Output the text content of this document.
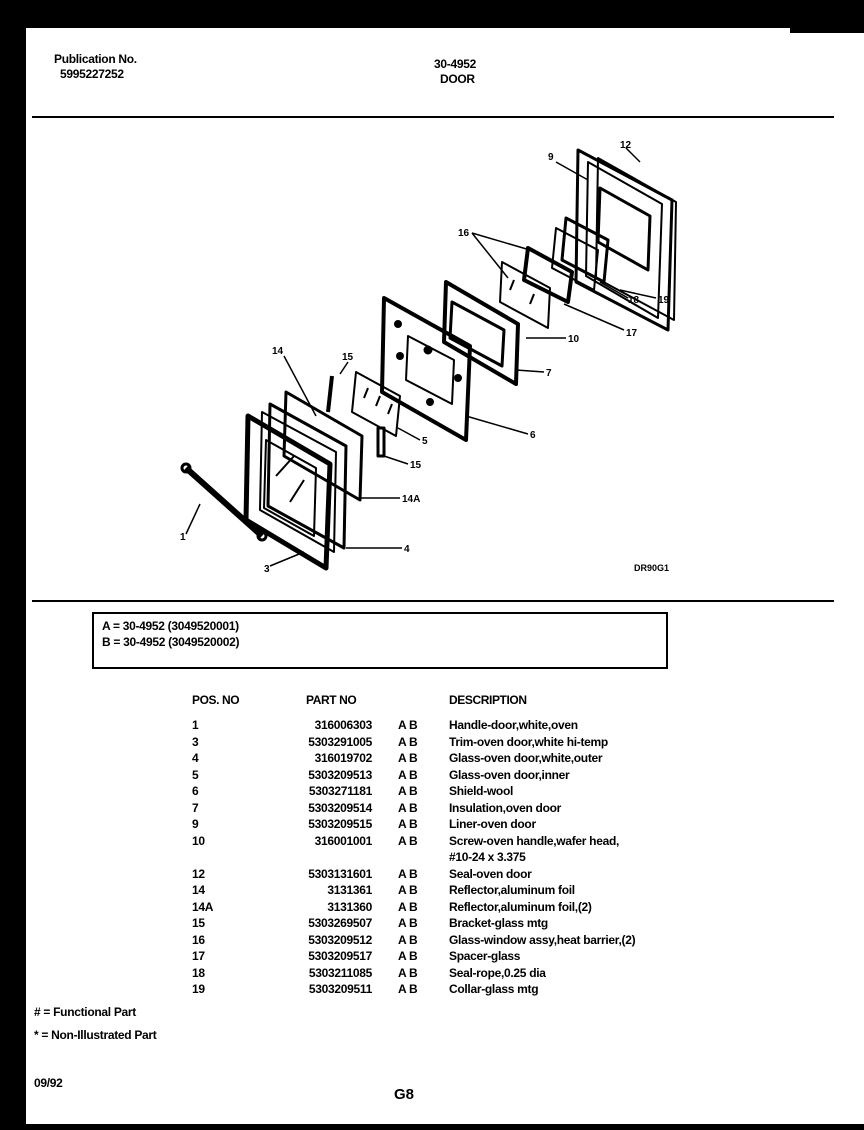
Publication No.
5995227252
30-4952
DOOR
9
12
16
18 19
17
10
7
6
5
15
15
14
14A
4
3
1
DR90G1
A = 30-4952 (3049520001)
B = 30-4952 (3049520002)
POS. NO	PART NO	DESCRIPTION
1	316006303 A B	Handle-door,white,oven
3	5303291005 A B	Trim-oven door,white hi-temp
4	316019702 A B	Glass-oven door,white,outer
5	5303209513 A B	Glass-oven door,inner
6	5303271181 A B	Shield-wool
7	5303209514 A B	Insulation,oven door
9	5303209515 A B	Liner-oven door
10	316001001 A B	Screw-oven handle,wafer head,
#10-24 x 3.375
12	5303131601 A B	Seal-oven door
14	3131361 A B	Reflector,aluminum foil
14A	3131360 A B	Reflector,aluminum foil,(2)
15	5303269507 A B	Bracket-glass mtg
16	5303209512 A B	Glass-window assy,heat barrier,(2)
17	5303209517 A B	Spacer-glass
18	5303211085 A B	Seal-rope,0.25 dia
19	5303209511 A B	Collar-glass mtg
# = Functional Part
* = Non-Illustrated Part
09/92
G8
